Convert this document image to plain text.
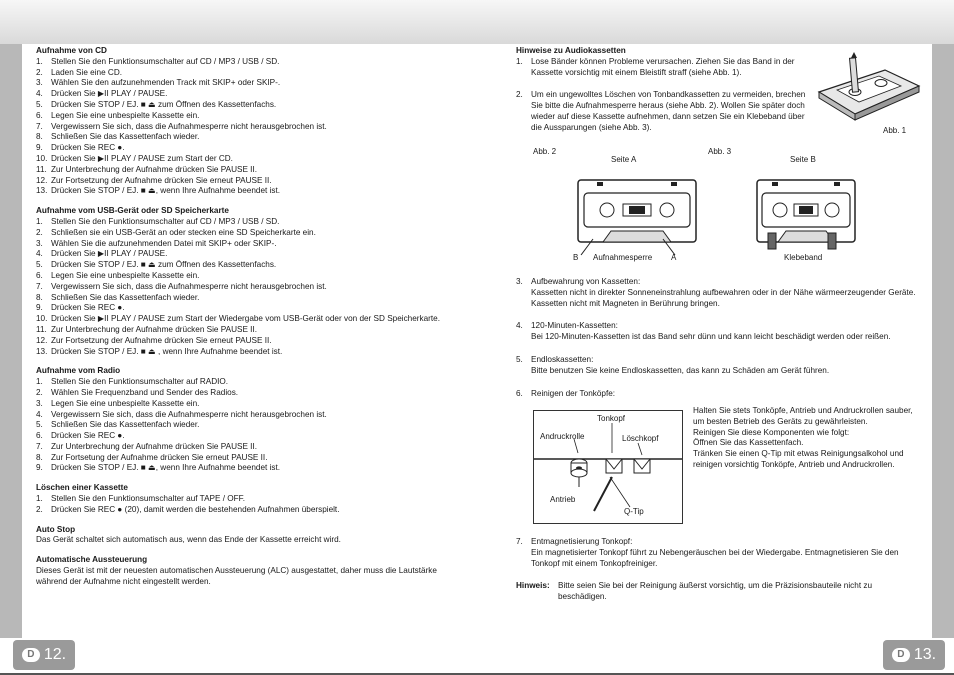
D 12.	D 13.
Aufnahme von CD
1. Stellen Sie den Funktionsumschalter auf CD / MP3 / USB / SD.
2. Laden Sie eine CD.
3. Wählen Sie den aufzunehmenden Track mit SKIP+ oder SKIP-.
4. Drücken Sie ▶II PLAY / PAUSE.
5. Drücken Sie STOP / EJ. ■ ⏏ zum Öffnen des Kassettenfachs.
6. Legen Sie eine unbespielte Kassette ein.
7. Vergewissern Sie sich, dass die Aufnahmesperre nicht herausgebrochen ist.
8. Schließen Sie das Kassettenfach wieder.
9. Drücken Sie REC ●.
10. Drücken Sie ▶II PLAY / PAUSE zum Start der CD.
11. Zur Unterbrechung der Aufnahme drücken Sie PAUSE II.
12. Zur Fortsetzung der Aufnahme drücken Sie erneut PAUSE II.
13. Drücken Sie STOP / EJ. ■ ⏏, wenn Ihre Aufnahme beendet ist.
Aufnahme vom USB-Gerät oder SD Speicherkarte
1. Stellen Sie den Funktionsumschalter auf CD / MP3 / USB / SD.
2. Schließen sie ein USB-Gerät an oder stecken eine SD Speicherkarte ein.
3. Wählen Sie die aufzunehmenden Datei mit SKIP+ oder SKIP-.
4. Drücken Sie ▶II PLAY / PAUSE.
5. Drücken Sie STOP / EJ. ■ ⏏ zum Öffnen des Kassettenfachs.
6. Legen Sie eine unbespielte Kassette ein.
7. Vergewissern Sie sich, dass die Aufnahmesperre nicht herausgebrochen ist.
8. Schließen Sie das Kassettenfach wieder.
9. Drücken Sie REC ●.
10. Drücken Sie ▶II PLAY / PAUSE zum Start der Wiedergabe vom USB-Gerät oder von der SD Speicherkarte.
11. Zur Unterbrechung der Aufnahme drücken Sie PAUSE II.
12. Zur Fortsetzung der Aufnahme drücken Sie erneut PAUSE II.
13. Drücken Sie STOP / EJ. ■ ⏏ , wenn Ihre Aufnahme beendet ist.
Aufnahme vom Radio
1. Stellen Sie den Funktionsumschalter auf RADIO.
2. Wählen Sie Frequenzband und Sender des Radios.
3. Legen Sie eine unbespielte Kassette ein.
4. Vergewissern Sie sich, dass die Aufnahmesperre nicht herausgebrochen ist.
5. Schließen Sie das Kassettenfach wieder.
6. Drücken Sie REC ●.
7. Zur Unterbrechung der Aufnahme drücken Sie PAUSE II.
8. Zur Fortsetung der Aufnahme drücken Sie erneut PAUSE II.
9. Drücken Sie STOP / EJ. ■ ⏏, wenn Ihre Aufnahme beendet ist.
Löschen einer Kassette
1. Stellen Sie den Funktionsumschalter auf TAPE / OFF.
2. Drücken Sie REC ● (20), damit werden die bestehenden Aufnahmen überspielt.
Auto Stop

Das Gerät schaltet sich automatisch aus, wenn das Ende der Kassette erreicht wird.

Automatische Aussteuerung

Dieses Gerät ist mit der neuesten automatischen Aussteuerung (ALC) ausgestattet, daher muss die Lautstärke während der Aufnahme nicht eingestellt werden.

Hinweise zu Audiokassetten
1. Lose Bänder können Probleme verursachen. Ziehen Sie das Band in der Kassette vorsichtig mit einem Bleistift straff (siehe Abb. 1).
2. Um ein ungewolltes Löschen von Tonbandkassetten zu vermeiden, brechen Sie bitte die Aufnahmesperre heraus (siehe Abb. 2). Wollen Sie später doch wieder auf diese Kassette aufnehmen, dann setzen Sie ein Klebeband über die Aussparungen (siehe Abb. 3).	Abb. 1
Abb. 2
Seite A
B Aufnahmesperre A
Abb. 3
Seite B
Klebeband
3. Aufbewahrung von Kassetten:
Kassetten nicht in direkter Sonneneinstrahlung aufbewahren oder in der Nähe wärmeerzeugender Geräte. Kassetten nicht mit Magneten in Berührung bringen.
4. 120-Minuten-Kassetten:
Bei 120-Minuten-Kassetten ist das Band sehr dünn und kann leicht beschädigt werden oder reißen.
5. Endloskassetten:
Bitte benutzen Sie keine Endloskassetten, das kann zu Schäden am Gerät führen.
6. Reinigen der Tonköpfe:
Tonkopf
Andruckrolle	Löschkopf
Antrieb
Q-Tip
Halten Sie stets Tonköpfe, Antrieb und Andruckrollen sauber, um besten Betrieb des Geräts zu gewährleisten.
Reinigen Sie diese Komponenten wie folgt:
Öffnen Sie das Kassettenfach.
Tränken Sie einen Q-Tip mit etwas Reinigungsalkohol und reinigen vorsichtig Tonköpfe, Antrieb und Andruckrollen.
7. Entmagnetisierung Tonkopf:
Ein magnetisierter Tonkopf führt zu Nebengeräuschen bei der Wiedergabe. Entmagnetisieren Sie den Tonkopf mit einem Tonkopfreiniger.
Hinweis:	Bitte seien Sie bei der Reinigung äußerst vorsichtig, um die Präzisionsbauteile nicht zu beschädigen.
